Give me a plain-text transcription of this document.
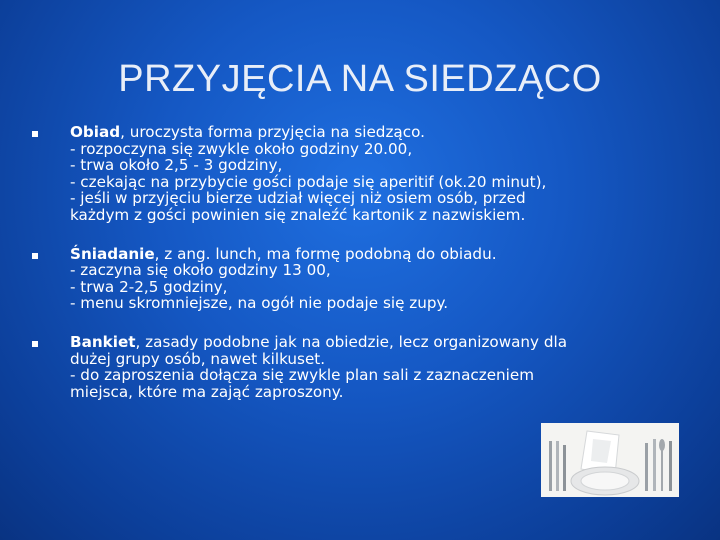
PRZYJĘCIA NA SIEDZĄCO
Obiad, uroczysta forma przyjęcia na siedząco.
- rozpoczyna się zwykle około godziny 20.00,
- trwa około 2,5 - 3 godziny,
- czekając na przybycie gości podaje się aperitif (ok.20 minut),
- jeśli w przyjęciu bierze udział więcej niż osiem osób, przed
każdym z gości powinien się znaleźć kartonik z nazwiskiem.
Śniadanie, z ang. lunch, ma formę podobną do obiadu.
- zaczyna się około godziny 13 00,
- trwa 2-2,5 godziny,
- menu skromniejsze, na ogół nie podaje się zupy.
Bankiet, zasady podobne jak na obiedzie, lecz organizowany dla
dużej grupy osób, nawet kilkuset.
- do zaproszenia dołącza się zwykle plan sali z zaznaczeniem
miejsca, które ma zająć zaproszony.
